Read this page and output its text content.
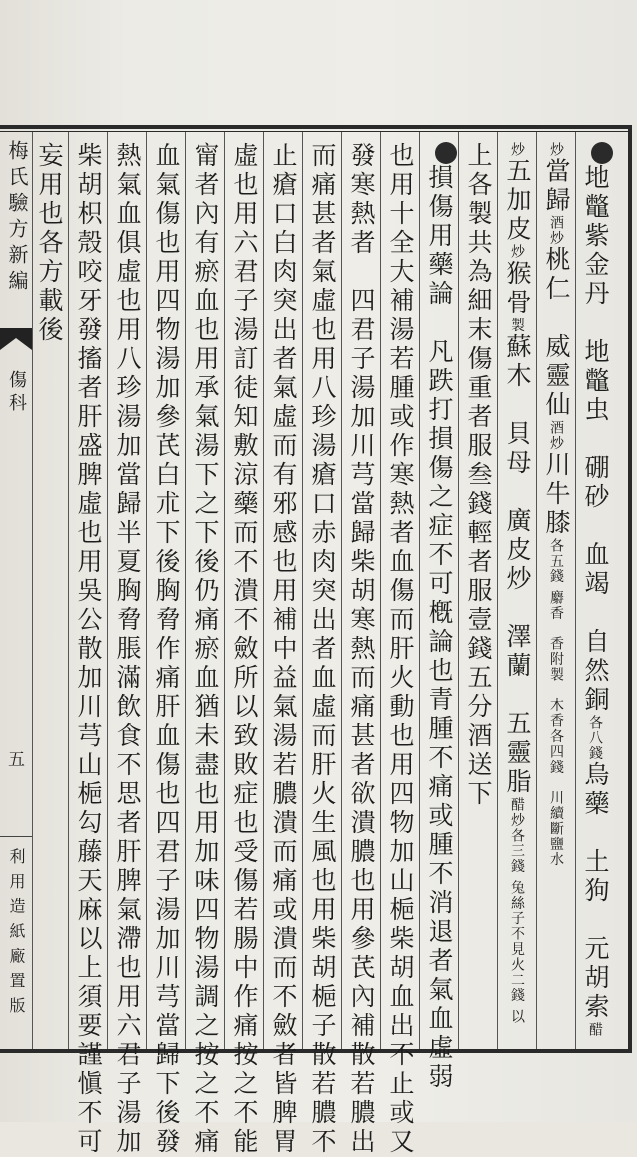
梅氏驗方新編
傷科
五
利用造紙廠置版
地鼈紫金丹　地鼈虫　硼砂　血竭　自然銅各八錢烏藥　土狗　元胡索醋
炒當歸酒炒桃仁　威靈仙酒炒川牛膝各五錢 麝香　香附製　木香各四錢　川續斷鹽水
炒五加皮炒猴骨製蘇木　貝母　廣皮炒　澤蘭　五靈脂醋炒各三錢 兔絲子不見火二錢 以
上各製共為細末傷重者服叁錢輕者服壹錢五分酒送下
損傷用藥論　凡跌打損傷之症不可槪論也青腫不痛或腫不消退者氣血虛弱
也用十全大補湯若腫或作寒熱者血傷而肝火動也用四物加山梔柴胡血出不止或又
發寒熱者　四君子湯加川芎當歸柴胡寒熱而痛甚者欲潰膿也用參芪內補散若膿出
而痛甚者氣虛也用八珍湯瘡口赤肉突出者血虛而肝火生風也用柴胡梔子散若膿不
止瘡口白肉突出者氣虛而有邪感也用補中益氣湯若膿潰而痛或潰而不斂者皆脾胃
虛也用六君子湯訂徒知敷涼藥而不潰不斂所以致敗症也受傷若腸中作痛按之不能
甯者內有瘀血也用承氣湯下之下後仍痛瘀血猶未盡也用加味四物湯調之按之不痛
血氣傷也用四物湯加參芪白朮下後胸脅作痛肝血傷也四君子湯加川芎當歸下後發
熱氣血俱虛也用八珍湯加當歸半夏胸脅脹滿飲食不思者肝脾氣滯也用六君子湯加
柴胡枳殼咬牙發搐者肝盛脾虛也用吳公散加川芎山梔勾藤天麻以上須要謹愼不可
妄用也各方載後
